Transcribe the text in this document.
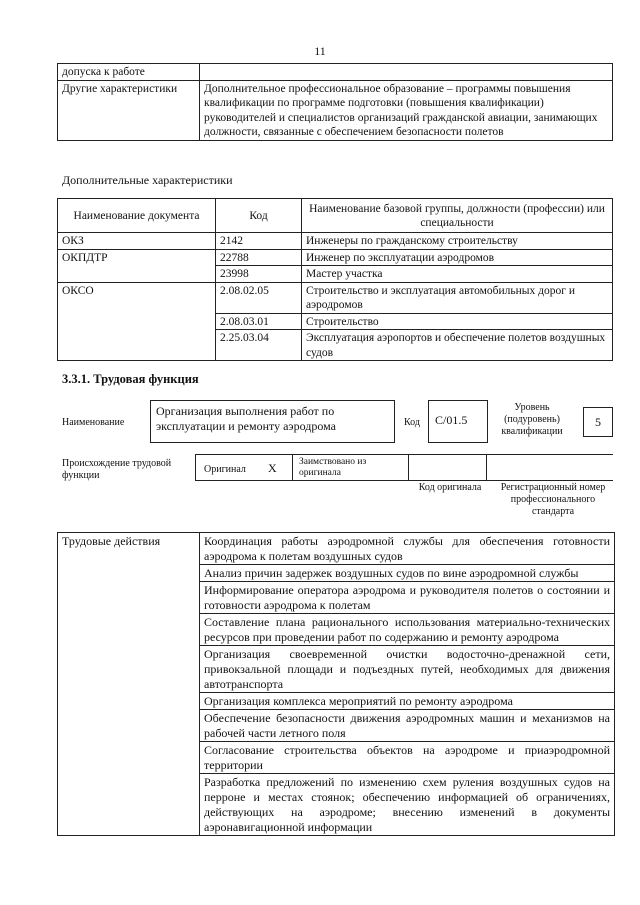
11
допуска к работе	
Другие характеристики	Дополнительное профессиональное образование – программы повышения квалификации по программе подготовки (повышения квалификации) руководителей и специалистов организаций гражданской авиации, занимающих должности, связанные с обеспечением безопасности полетов
Дополнительные характеристики
Наименование документа	Код	Наименование базовой группы, должности (профессии) или специальности
ОКЗ	2142	Инженеры по гражданскому строительству
ОКПДТР	22788	Инженер по эксплуатации аэродромов
	23998	Мастер участка
ОКСО	2.08.02.05	Строительство и эксплуатация автомобильных дорог и аэродромов
	2.08.03.01	Строительство
	2.25.03.04	Эксплуатация аэропортов и обеспечение полетов воздушных судов
3.3.1. Трудовая функция
Наименование
Организация выполнения работ по эксплуатации и ремонту аэродрома	Код	С/01.5
Уровень (подуровень) квалификации
5
Происхождение трудовой функции
Оригинал X Заимствовано из оригинала
Код оригинала	Регистрационный номер профессионального стандарта
Трудовые действия	Координация работы аэродромной службы для обеспечения готовности аэродрома к полетам воздушных судов
Анализ причин задержек воздушных судов по вине аэродромной службы
Информирование оператора аэродрома и руководителя полетов о состоянии и готовности аэродрома к полетам
Составление плана рационального использования материально-технических ресурсов при проведении работ по содержанию и ремонту аэродрома
Организация своевременной очистки водосточно-дренажной сети, привокзальной площади и подъездных путей, необходимых для движения автотранспорта
Организация комплекса мероприятий по ремонту аэродрома
Обеспечение безопасности движения аэродромных машин и механизмов на рабочей части летного поля
Согласование строительства объектов на аэродроме и приаэродромной территории
Разработка предложений по изменению схем руления воздушных судов на перроне и местах стоянок; обеспечению информацией об ограничениях, действующих на аэродроме; внесению изменений в документы аэронавигационной информации
